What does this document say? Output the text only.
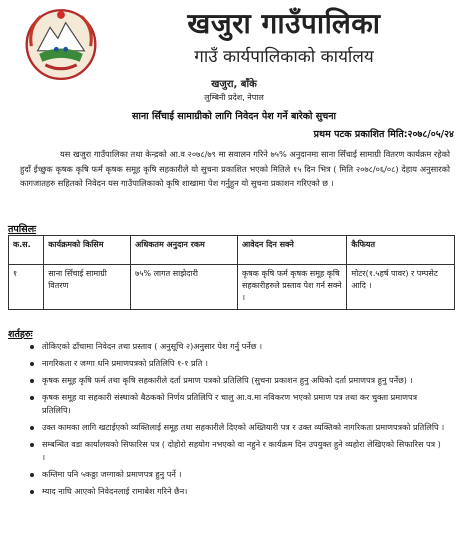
खजुरा गाउँपालिका
गाउँ कार्यपालिकाको कार्यालय
खजुरा, बाँके
लुम्बिनी प्रदेश, नेपाल
साना सिँचाई सामाग्रीको लागि निवेदन पेश गर्ने बारेको सुचना
प्रथम पटक प्रकाशित मिति:२०७८/०५/२४
यस खजुरा गाउँपालिका तथा केन्द्रको आ.व २०७८/७९ मा सवालन गरिने ७५% अनुदानमा साना सिँचाई सामाग्री वितरण कार्यक्रम रहेको हुदाँ ईच्छुक कृषक कृषि फर्म कृषक समूह कृषि सहकारीले यो सुचना प्रकाशित भएको मितिले १५ दिन भित्र ( मिति २०७८/०६/०८) देहाय अनुसारको कागजातहरु सहितको निवेदन यस गाउँपालिकाको कृषि शाखामा पेश गर्नुहुन यो सुचना प्रकाशन गरिएको छ ।
तपसिलः
क.स.	कार्यक्रमको किसिम	अधिकतम अनुदान रकम	आवेदन दिन सक्ने	कैफियत
१	साना सिँचाई सामाग्री वितरण	७५% लागत साझेदारी	कृषक कृषि फर्म कृषक समूह कृषि सहकारीहरुले प्रस्ताव पेश गर्न सक्ने ।	मोटर(१.५हर्ष पावर) र पम्पसेट आदि ।
शर्तहरुः
तोकिएको ढाँचामा निवेदन तथा प्रस्ताव ( अनुसूचि २)अनुसार पेश गर्नु पर्नेछ ।
नागरिकता र जग्गा धनि प्रमाणपत्रको प्रतिलिपि १-१ प्रति ।
कृषक समूह कृषि फर्म तथा कृषि सहकारीले दर्ता प्रमाण पत्रको प्रतिलिपि (सुचना प्रकाशन हुनु अघिको दर्ता प्रमाणपत्र हुनु पर्नेछ) ।
कृषक समूह वा सहकारी संस्थाको बैठकको निर्णय प्रतिलिपि र चालु आ.व.मा नविकरण भएको प्रमाण पत्र तथा कर चुक्ता प्रमाणपत्र प्रतिलिपि।
उक्त कामका लागि खटाईएको व्यक्तिलाई समूह तथा सहकारीले दिएको अख्तियारी पत्र र उक्त व्यक्तिको नागरिकता प्रमाणपत्रको प्रतिलिपि ।
सम्बन्धित वडा कार्यालयको सिफारिस पत्र ( दोहोरो सहयोग नभएको वा नहुने र कार्यक्रम दिन उपयुक्त हुने व्यहोरा लेखिएको सिफारिस पत्र ) ।
कम्तिमा पनि ५कठ्ठा जग्गाको प्रमाणपत्र हुनु पर्ने ।
म्याद नाघि आएको निवेदनलाई रामाबेश गरिने छैन।
